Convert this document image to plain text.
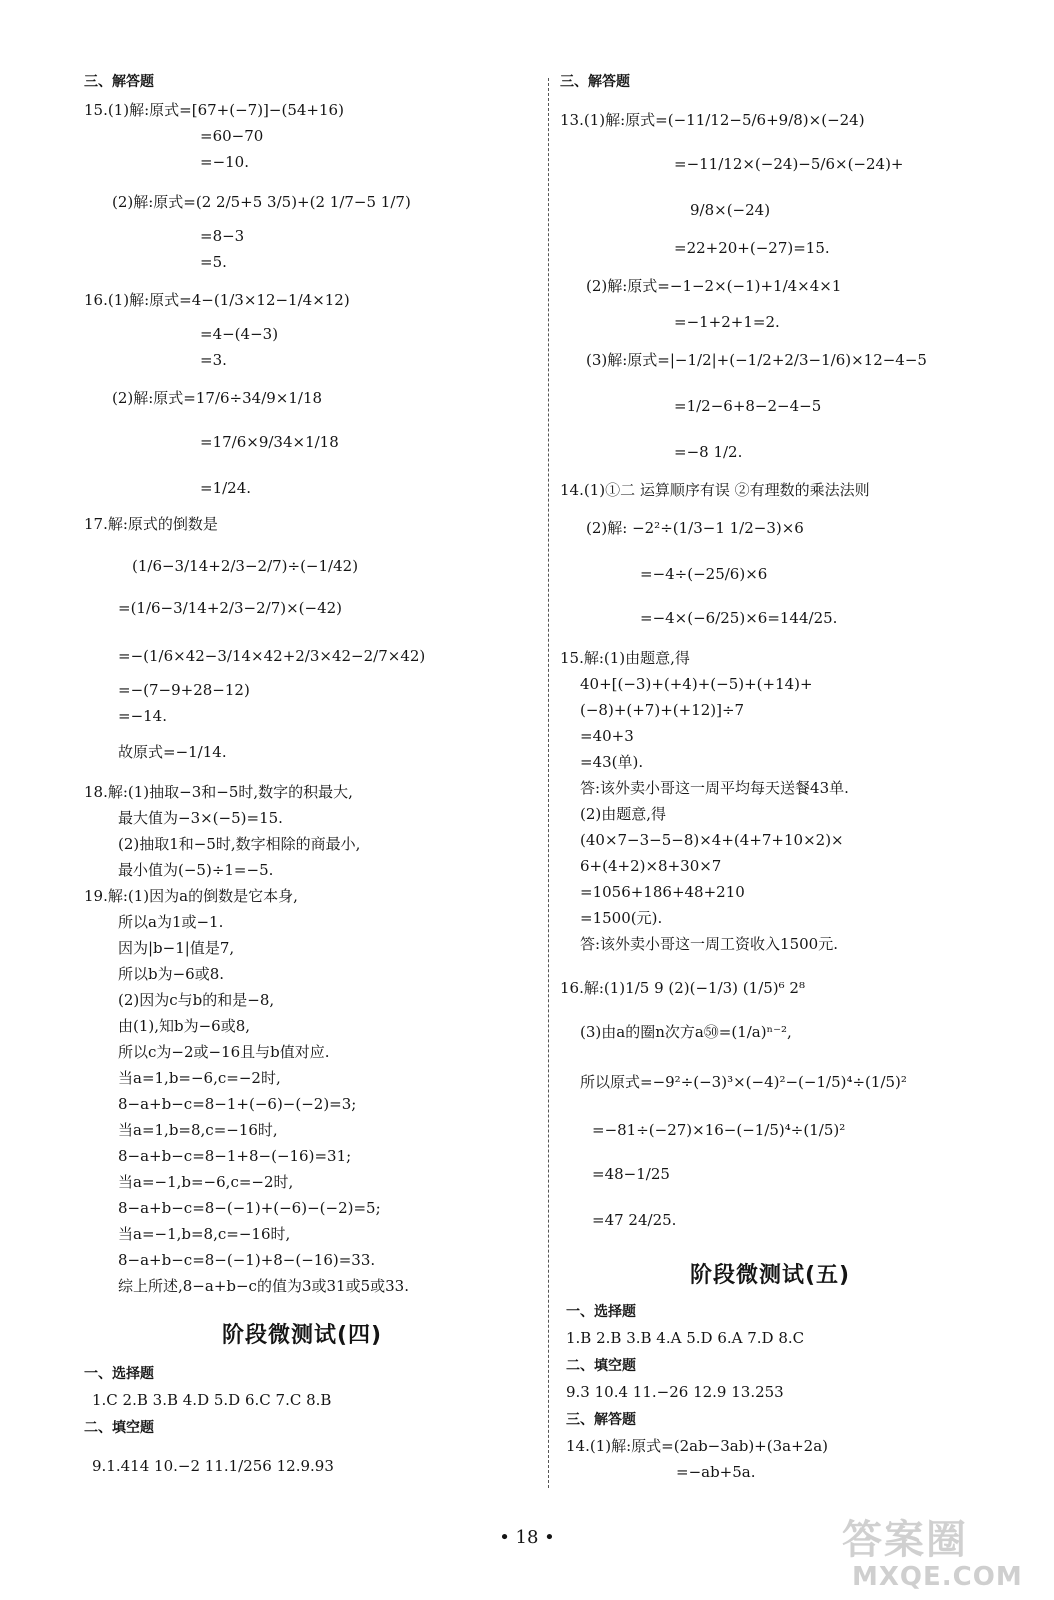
三、解答题
15.(1)解:原式=[67+(−7)]−(54+16)
=60−70
=−10.
(2)解:原式=(2 2/5+5 3/5)+(2 1/7−5 1/7)
=8−3
=5.
16.(1)解:原式=4−(1/3×12−1/4×12)
=4−(4−3)
=3.
(2)解:原式=17/6÷34/9×1/18
=17/6×9/34×1/18
=1/24.
17.解:原式的倒数是
(1/6−3/14+2/3−2/7)÷(−1/42)
=(1/6−3/14+2/3−2/7)×(−42)
=−(1/6×42−3/14×42+2/3×42−2/7×42)
=−(7−9+28−12)
=−14.
故原式=−1/14.
18.解:(1)抽取−3和−5时,数字的积最大,
最大值为−3×(−5)=15.
(2)抽取1和−5时,数字相除的商最小,
最小值为(−5)÷1=−5.
19.解:(1)因为a的倒数是它本身,
所以a为1或−1.
因为|b−1|值是7,
所以b为−6或8.
(2)因为c与b的和是−8,
由(1),知b为−6或8,
所以c为−2或−16且与b值对应.
当a=1,b=−6,c=−2时,
8−a+b−c=8−1+(−6)−(−2)=3;
当a=1,b=8,c=−16时,
8−a+b−c=8−1+8−(−16)=31;
当a=−1,b=−6,c=−2时,
8−a+b−c=8−(−1)+(−6)−(−2)=5;
当a=−1,b=8,c=−16时,
8−a+b−c=8−(−1)+8−(−16)=33.
综上所述,8−a+b−c的值为3或31或5或33.
一、选择题
1.C 2.B 3.B 4.D 5.D 6.C 7.C 8.B
二、填空题
9.1.414 10.−2 11.1/256 12.9.93
三、解答题
13.(1)解:原式=(−11/12−5/6+9/8)×(−24)
=−11/12×(−24)−5/6×(−24)+
9/8×(−24)
=22+20+(−27)=15.
(2)解:原式=−1−2×(−1)+1/4×4×1
=−1+2+1=2.
(3)解:原式=|−1/2|+(−1/2+2/3−1/6)×12−4−5
=1/2−6+8−2−4−5
=−8 1/2.
14.(1)①二 运算顺序有误 ②有理数的乘法法则
(2)解: −2²÷(1/3−1 1/2−3)×6
=−4÷(−25/6)×6
=−4×(−6/25)×6=144/25.
15.解:(1)由题意,得
40+[(−3)+(+4)+(−5)+(+14)+
(−8)+(+7)+(+12)]÷7
=40+3
=43(单).
答:该外卖小哥这一周平均每天送餐43单.
(2)由题意,得
(40×7−3−5−8)×4+(4+7+10×2)×
6+(4+2)×8+30×7
=1056+186+48+210
=1500(元).
答:该外卖小哥这一周工资收入1500元.
16.解:(1)1/5 9 (2)(−1/3) (1/5)⁶ 2⁸
(3)由a的圈n次方a㊿=(1/a)ⁿ⁻²,
所以原式=−9²÷(−3)³×(−4)²−(−1/5)⁴÷(1/5)²
=−81÷(−27)×16−(−1/5)⁴÷(1/5)²
=48−1/25
=47 24/25.
一、选择题
1.B 2.B 3.B 4.A 5.D 6.A 7.D 8.C
二、填空题
9.3 10.4 11.−26 12.9 13.253
三、解答题
14.(1)解:原式=(2ab−3ab)+(3a+2a)
=−ab+5a.
阶段微测试(四)
阶段微测试(五)
• 18 •	答案圈
MXQE.COM
